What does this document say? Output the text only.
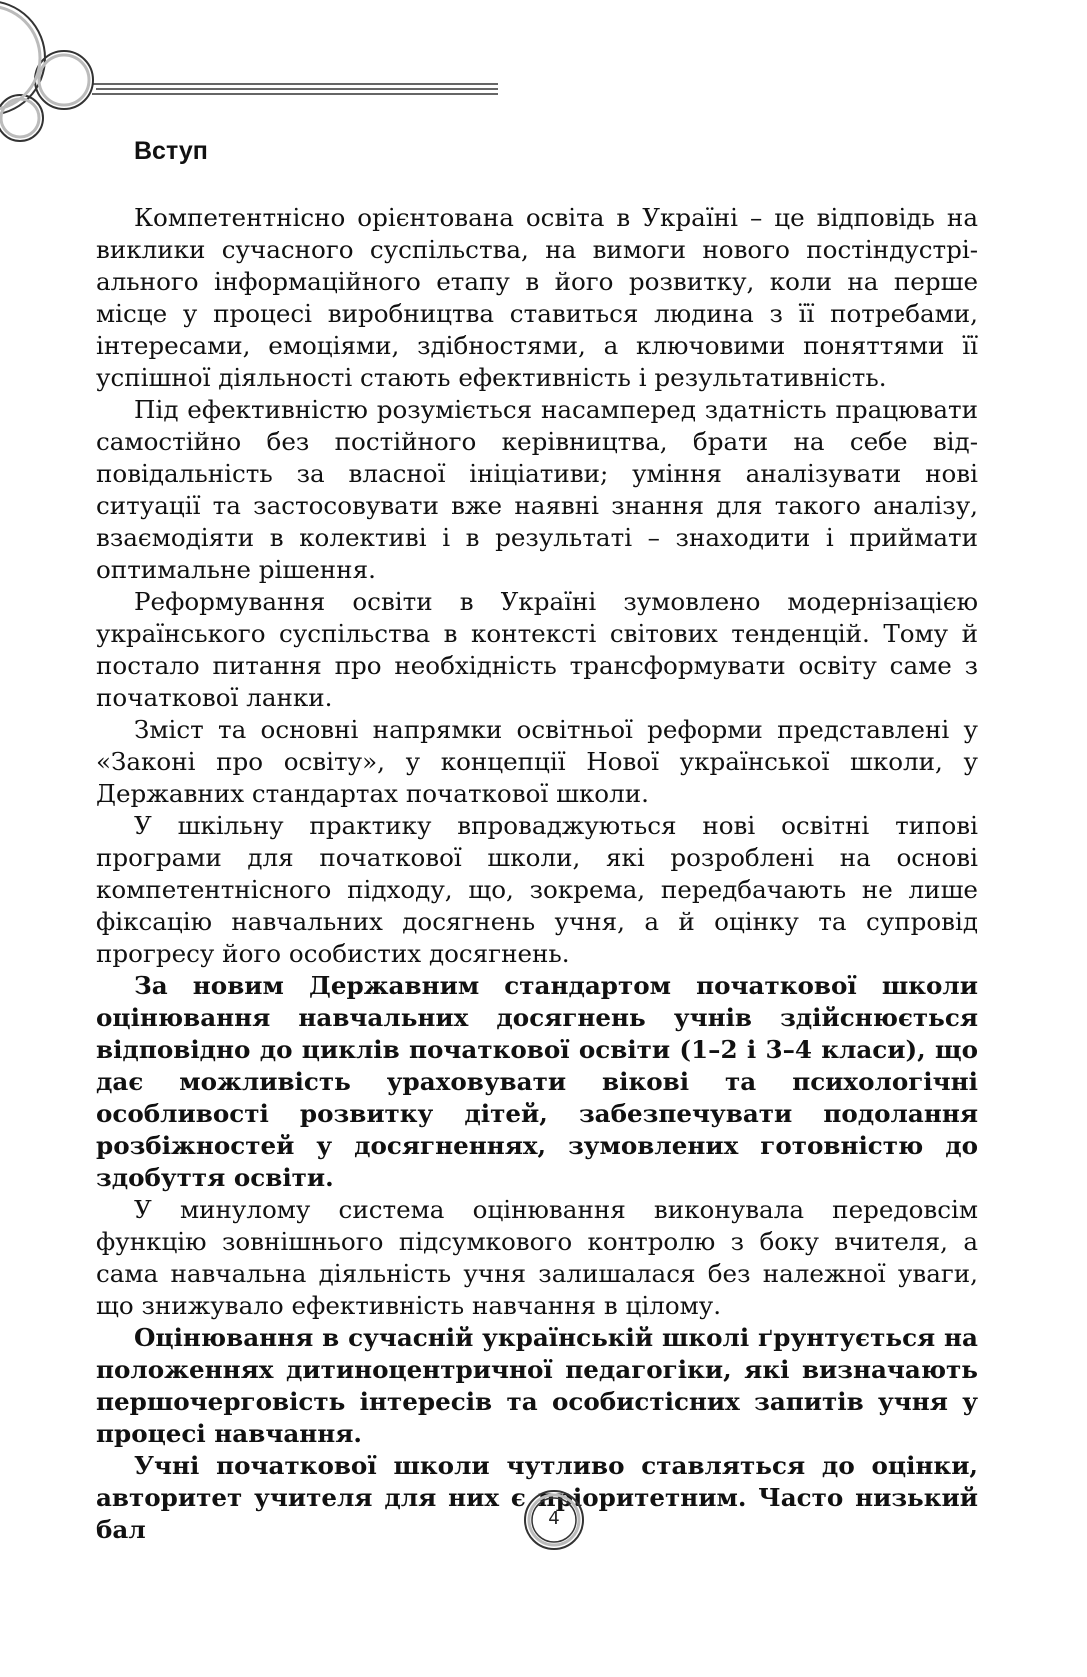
Вступ

Компетентнісно орієнтована освіта в Україні – це відповідь на виклики сучасного суспільства, на вимоги нового постіндустріального інформаційного етапу в його розвитку, коли на перше місце у процесі виробництва ставиться людина з її потребами, інтересами, емоціями, здібностями, а ключовими поняттями її успішної діяльності стають ефективність і результативність.

Під ефективністю розуміється насамперед здатність працювати самостійно без постійного керівництва, брати на себе відповідальність за власної ініціативи; уміння аналізувати нові ситуації та застосовувати вже наявні знання для такого аналізу, взаємодіяти в колективі і в результаті – знаходити і приймати оптимальне рішення.

Реформування освіти в Україні зумовлено модернізацією українського суспільства в контексті світових тенденцій. Тому й постало питання про необхідність трансформувати освіту саме з початкової ланки.

Зміст та основні напрямки освітньої реформи представлені у «Законі про освіту», у концепції Нової української школи, у Державних стандартах початкової школи.

У шкільну практику впроваджуються нові освітні типові програми для початкової школи, які розроблені на основі компетентнісного підходу, що, зокрема, передбачають не лише фіксацію навчальних досягнень учня, а й оцінку та супровід прогресу його особистих досягнень.

За новим Державним стандартом початкової школи оцінювання навчальних досягнень учнів здійснюється відповідно до циклів початкової освіти (1–2 і 3–4 класи), що дає можливість ураховувати вікові та психологічні особливості розвитку дітей, забезпечувати подолання розбіжностей у досягненнях, зумовлених готовністю до здобуття освіти.

У минулому система оцінювання виконувала передовсім функцію зовнішнього підсумкового контролю з боку вчителя, а сама навчальна діяльність учня залишалася без належної уваги, що знижувало ефективність навчання в цілому.

Оцінювання в сучасній українській школі ґрунтується на положеннях дитиноцентричної педагогіки, які визначають першочерговість інтересів та особистісних запитів учня у процесі навчання.

Учні початкової школи чутливо ставляться до оцінки, авторитет учителя для них є пріоритетним. Часто низький бал	4
